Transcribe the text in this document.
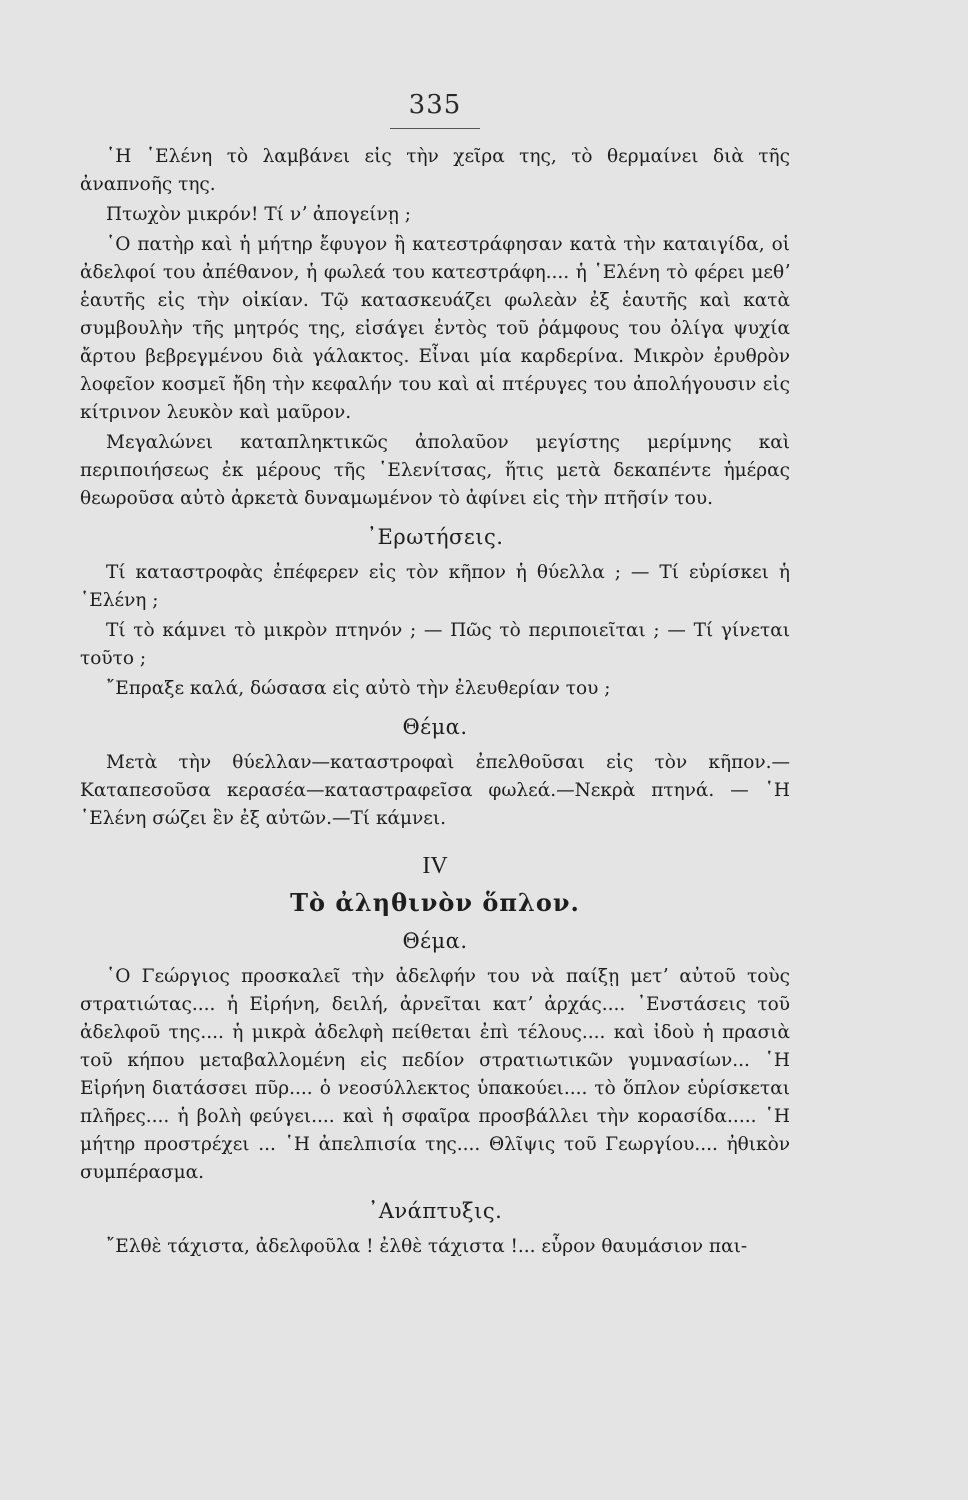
335

῾Η ῾Ελένη τὸ λαμβάνει εἰς τὴν χεῖρα της, τὸ θερμαίνει διὰ τῆς ἀναπνοῆς της.

Πτωχὸν μικρόν! Τί νʼ ἀπογείνῃ ;

῾Ο πατὴρ καὶ ἡ μήτηρ ἔφυγον ἢ κατεστράφησαν κατὰ τὴν καταιγίδα, οἱ ἀδελφοί του ἀπέθανον, ἡ φωλεά του κατεστράφη.... ἡ ῾Ελένη τὸ φέρει μεθʼ ἑαυτῆς εἰς τὴν οἰκίαν. Τῷ κατασκευάζει φωλεὰν ἐξ ἑαυτῆς καὶ κατὰ συμβουλὴν τῆς μητρός της, εἰσάγει ἐντὸς τοῦ ῥάμφους του ὀλίγα ψυχία ἄρτου βεβρεγμένου διὰ γάλακτος. Εἶναι μία καρδερίνα. Μικρὸν ἐρυθρὸν λοφεῖον κοσμεῖ ἤδη τὴν κεφαλήν του καὶ αἱ πτέρυγες του ἀπολήγουσιν εἰς κίτρινον λευκὸν καὶ μαῦρον.

Μεγαλώνει καταπληκτικῶς ἀπολαῦον μεγίστης μερίμνης καὶ περιποιήσεως ἐκ μέρους τῆς ῾Ελενίτσας, ἥτις μετὰ δεκαπέντε ἡμέρας θεωροῦσα αὐτὸ ἀρκετὰ δυναμωμένον τὸ ἀφίνει εἰς τὴν πτῆσίν του.

᾿Ερωτήσεις.

Τί καταστροφὰς ἐπέφερεν εἰς τὸν κῆπον ἡ θύελλα ; — Τί εὑρίσκει ἡ ῾Ελένη ;

Τί τὸ κάμνει τὸ μικρὸν πτηνόν ; — Πῶς τὸ περιποιεῖται ; — Τί γίνεται τοῦτο ;

῎Επραξε καλά, δώσασα εἰς αὐτὸ τὴν ἐλευθερίαν του ;

Θέμα.

Μετὰ τὴν θύελλαν—καταστροφαὶ ἐπελθοῦσαι εἰς τὸν κῆπον.— Καταπεσοῦσα κερασέα—καταστραφεῖσα φωλεά.—Νεκρὰ πτηνά. — ῾Η ῾Ελένη σώζει ἓν ἐξ αὐτῶν.—Τί κάμνει.

IV
Τὸ ἀληθινὸν ὅπλον.
Θέμα.

῾Ο Γεώργιος προσκαλεῖ τὴν ἀδελφήν του νὰ παίξῃ μετʼ αὐτοῦ τοὺς στρατιώτας.... ἡ Εἰρήνη, δειλή, ἀρνεῖται κατʼ ἀρχάς.... ᾿Ενστάσεις τοῦ ἀδελφοῦ της.... ἡ μικρὰ ἀδελφὴ πείθεται ἐπὶ τέλους.... καὶ ἰδοὺ ἡ πρασιὰ τοῦ κήπου μεταβαλλομένη εἰς πεδίον στρατιωτικῶν γυμνασίων... ῾Η Εἰρήνη διατάσσει πῦρ.... ὁ νεοσύλλεκτος ὑπακούει.... τὸ ὅπλον εὑρίσκεται πλῆρες.... ἡ βολὴ φεύγει.... καὶ ἡ σφαῖρα προσβάλλει τὴν κορασίδα..... ῾Η μήτηρ προστρέχει ... ῾Η ἀπελπισία της.... Θλῖψις τοῦ Γεωργίου.... ἠθικὸν συμπέρασμα.

᾿Ανάπτυξις.

῎Ελθὲ τάχιστα, ἀδελφοῦλα ! ἐλθὲ τάχιστα !... εὗρον θαυμάσιον παι-
